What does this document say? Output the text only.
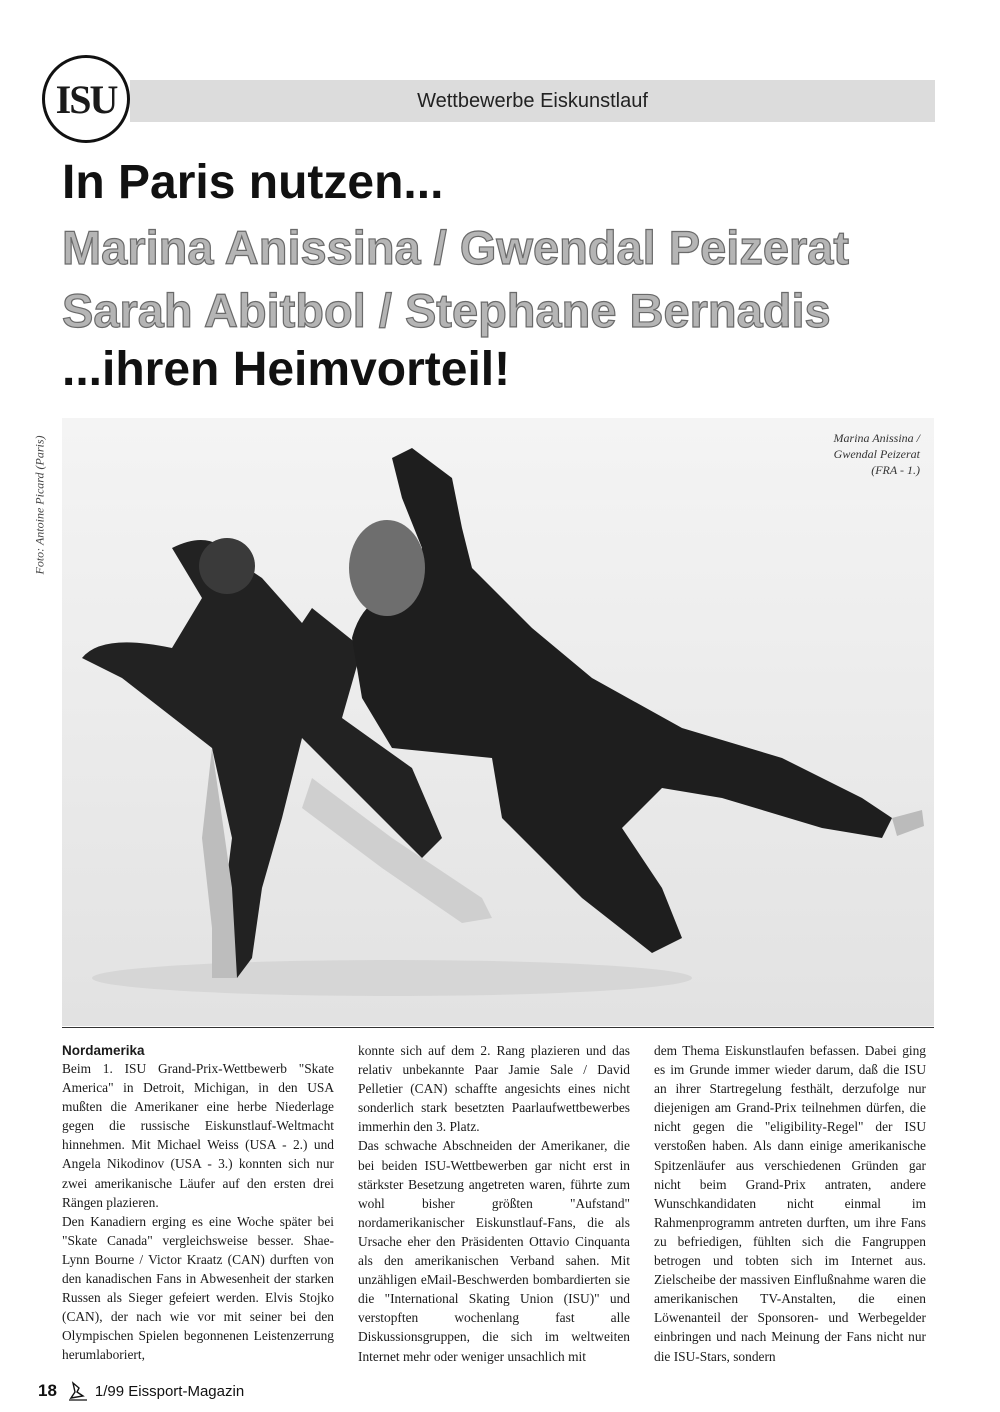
ISU	Wettbewerbe Eiskunstlauf
In Paris nutzen...
Marina Anissina / Gwendal Peizerat
Sarah Abitbol / Stephane Bernadis
...ihren Heimvorteil!
Foto: Antoine Picard (Paris)	Marina Anissina /
Gwendal Peizerat
(FRA - 1.)
Nordamerika

Beim 1. ISU Grand-Prix-Wettbewerb "Skate America" in Detroit, Michigan, in den USA mußten die Amerikaner eine herbe Niederlage gegen die russische Eiskunstlauf-Weltmacht hinnehmen. Mit Michael Weiss (USA - 2.) und Angela Nikodinov (USA - 3.) konnten sich nur zwei amerikanische Läufer auf den ersten drei Rängen plazieren.

Den Kanadiern erging es eine Woche später bei "Skate Canada" vergleichsweise besser. Shae-Lynn Bourne / Victor Kraatz (CAN) durften von den kanadischen Fans in Abwesenheit der starken Russen als Sieger gefeiert werden. Elvis Stojko (CAN), der nach wie vor mit seiner bei den Olympischen Spielen begonnenen Leistenzerrung herumlaboriert,

konnte sich auf dem 2. Rang plazieren und das relativ unbekannte Paar Jamie Sale / David Pelletier (CAN) schaffte angesichts eines nicht sonderlich stark besetzten Paarlaufwettbewerbes immerhin den 3. Platz.

Das schwache Abschneiden der Amerikaner, die bei beiden ISU-Wettbewerben gar nicht erst in stärkster Besetzung angetreten waren, führte zum wohl bisher größten "Aufstand" nordamerikanischer Eiskunstlauf-Fans, die als Ursache eher den Präsidenten Ottavio Cinquanta als den amerikanischen Verband sahen. Mit unzähligen eMail-Beschwerden bombardierten sie die "International Skating Union (ISU)" und verstopften wochenlang fast alle Diskussionsgruppen, die sich im weltweiten Internet mehr oder weniger unsachlich mit

dem Thema Eiskunstlaufen befassen. Dabei ging es im Grunde immer wieder darum, daß die ISU an ihrer Startregelung festhält, derzufolge nur diejenigen am Grand-Prix teilnehmen dürfen, die nicht gegen die "eligibility-Regel" der ISU verstoßen haben. Als dann einige amerikanische Spitzenläufer aus verschiedenen Gründen gar nicht beim Grand-Prix antraten, andere Wunschkandidaten nicht einmal im Rahmenprogramm antreten durften, um ihre Fans zu befriedigen, fühlten sich die Fangruppen betrogen und tobten sich im Internet aus. Zielscheibe der massiven Einflußnahme waren die amerikanischen TV-Anstalten, die einen Löwenanteil der Sponsoren- und Werbegelder einbringen und nach Meinung der Fans nicht nur die ISU-Stars, sondern

18	1/99 Eissport-Magazin
